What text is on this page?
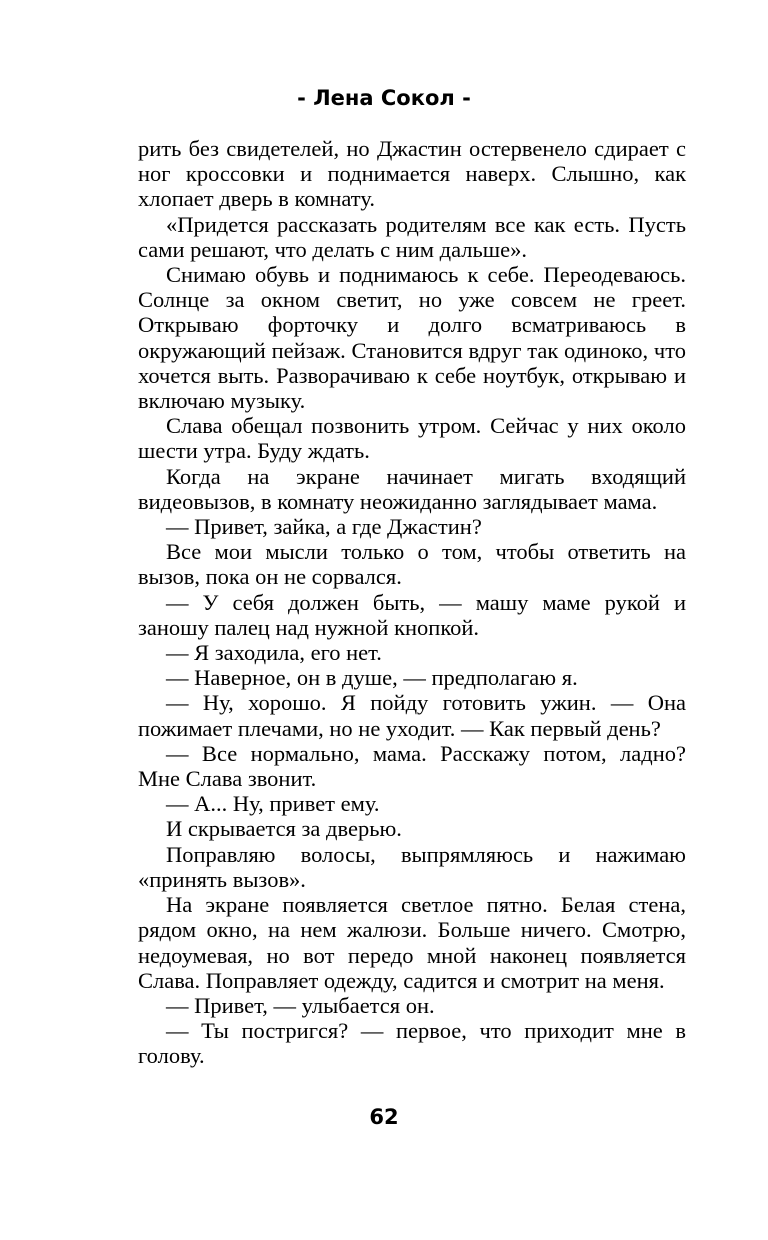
- Лена Сокол -

рить без свидетелей, но Джастин остервенело сдирает с ног кроссовки и поднимается наверх. Слышно, как хлопает дверь в комнату.

«Придется рассказать родителям все как есть. Пусть сами решают, что делать с ним дальше».

Снимаю обувь и поднимаюсь к себе. Переодеваюсь. Солнце за окном светит, но уже совсем не греет. Открываю форточку и долго всматриваюсь в окружающий пейзаж. Становится вдруг так одиноко, что хочется выть. Разворачиваю к себе ноутбук, открываю и включаю музыку.

Слава обещал позвонить утром. Сейчас у них около шести утра. Буду ждать.

Когда на экране начинает мигать входящий видеовызов, в комнату неожиданно заглядывает мама.

— Привет, зайка, а где Джастин?

Все мои мысли только о том, чтобы ответить на вызов, пока он не сорвался.

— У себя должен быть, — машу маме рукой и заношу палец над нужной кнопкой.

— Я заходила, его нет.

— Наверное, он в душе, — предполагаю я.

— Ну, хорошо. Я пойду готовить ужин. — Она пожимает плечами, но не уходит. — Как первый день?

— Все нормально, мама. Расскажу потом, ладно? Мне Слава звонит.

— А... Ну, привет ему.

И скрывается за дверью.

Поправляю волосы, выпрямляюсь и нажимаю «принять вызов».

На экране появляется светлое пятно. Белая стена, рядом окно, на нем жалюзи. Больше ничего. Смотрю, недоумевая, но вот передо мной наконец появляется Слава. Поправляет одежду, садится и смотрит на меня.

— Привет, — улыбается он.

— Ты постригся? — первое, что приходит мне в голову.

62
